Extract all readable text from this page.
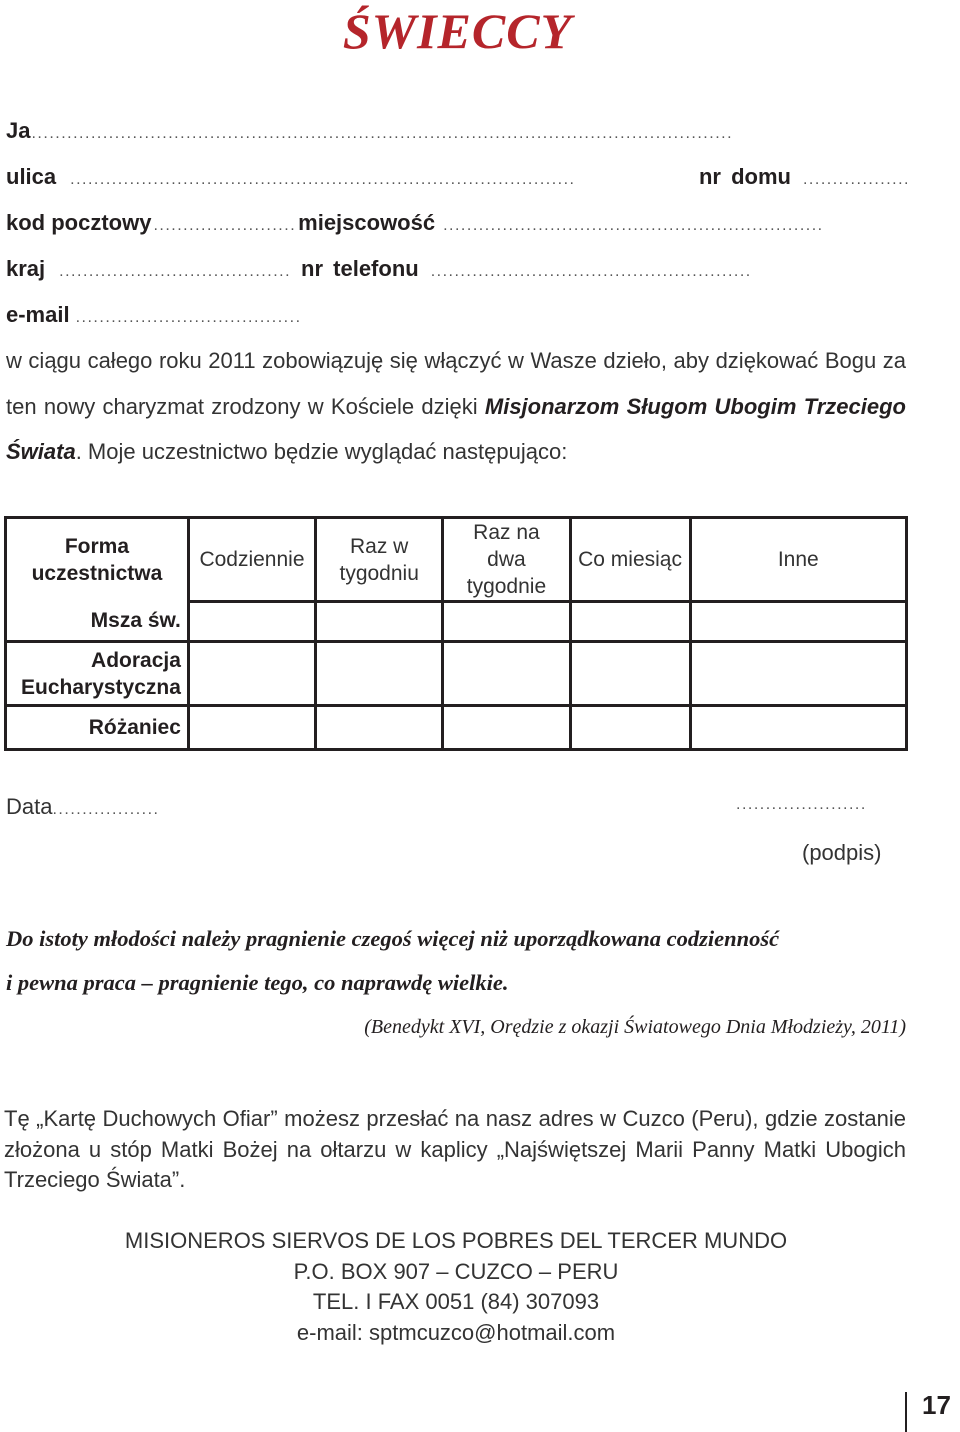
ŚWIECCY
Ja ......................................................................................................................
ulica .....................................................................................	nr domu ..................
kod pocztowy ........................ miejscowość ................................................................
kraj ....................................... nr telefonu ......................................................
e-mail ......................................
w ciągu całego roku 2011 zobowiązuję się włączyć w Wasze dzieło, aby dziękować Bogu za ten nowy charyzmat zrodzony w Kościele dzięki Misjonarzom Sługom Ubogim Trzeciego Świata. Moje uczestnictwo będzie wyglądać następująco:
Forma uczestnictwa	Codziennie	Raz w tygodniu	Raz na dwa tygodnie	Co miesiąc	Inne
Msza św.					
Adoracja Eucharystyczna					
Różaniec					
Data..................	......................
(podpis)
Do istoty młodości należy pragnienie czegoś więcej niż uporządkowana codzienność
i pewna praca – pragnienie tego, co naprawdę wielkie.
(Benedykt XVI, Orędzie z okazji Światowego Dnia Młodzieży, 2011)
Tę „Kartę Duchowych Ofiar” możesz przesłać na nasz adres w Cuzco (Peru), gdzie zostanie złożona u stóp Matki Bożej na ołtarzu w kaplicy „Najświętszej Marii Panny Matki Ubogich Trzeciego Świata”.
MISIONEROS SIERVOS DE LOS POBRES DEL TERCER MUNDO
P.O. BOX 907 – CUZCO – PERU
TEL. I FAX 0051 (84) 307093
e-mail: sptmcuzco@hotmail.com
17
